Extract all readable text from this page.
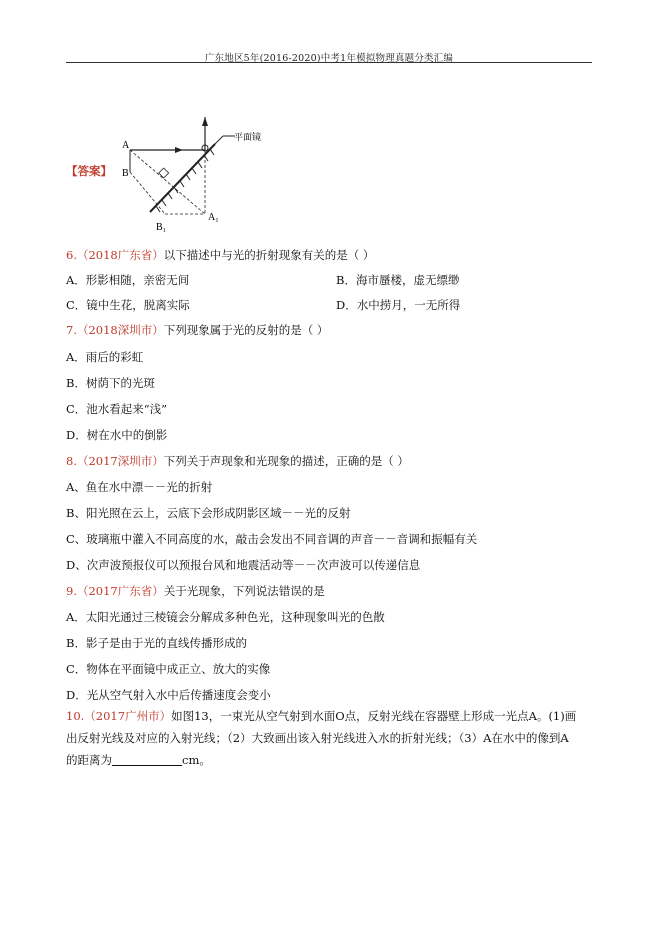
广东地区5年(2016-2020)中考1年模拟物理真题分类汇编
【答案】
A
B
A₁
B₁
平面镜
6.（2018广东省）以下描述中与光的折射现象有关的是（ ）
A．形影相随，亲密无间	B．海市蜃楼，虚无缥缈
C．镜中生花，脱离实际	D．水中捞月，一无所得
7.（2018深圳市）下列现象属于光的反射的是（ ）
A．雨后的彩虹
B．树荫下的光斑
C．池水看起来“浅”
D．树在水中的倒影
8.（2017深圳市）下列关于声现象和光现象的描述，正确的是（ ）
A、鱼在水中漂－－光的折射
B、阳光照在云上，云底下会形成阴影区域－－光的反射
C、玻璃瓶中灌入不同高度的水，敲击会发出不同音调的声音－－音调和振幅有关
D、次声波预报仪可以预报台风和地震活动等－－次声波可以传递信息
9.（2017广东省）关于光现象，下列说法错误的是
A．太阳光通过三棱镜会分解成多种色光，这种现象叫光的色散
B．影子是由于光的直线传播形成的
C．物体在平面镜中成正立、放大的实像
D．光从空气射入水中后传播速度会变小
10.（2017广州市）如图13，一束光从空气射到水面O点，反射光线在容器壁上形成一光点A。(1)画
出反射光线及对应的入射光线；（2）大致画出该入射光线进入水的折射光线；（3）A在水中的像到A
的距离为	cm。
